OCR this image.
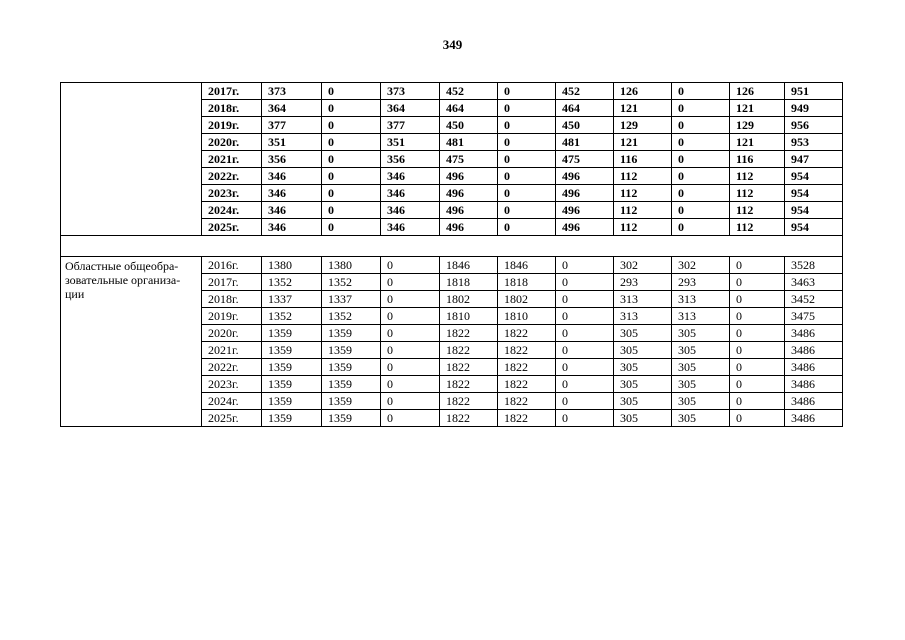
349
	2017г.	373	0	373	452	0	452	126	0	126	951
	2018г.	364	0	364	464	0	464	121	0	121	949
	2019г.	377	0	377	450	0	450	129	0	129	956
	2020г.	351	0	351	481	0	481	121	0	121	953
	2021г.	356	0	356	475	0	475	116	0	116	947
	2022г.	346	0	346	496	0	496	112	0	112	954
	2023г.	346	0	346	496	0	496	112	0	112	954
	2024г.	346	0	346	496	0	496	112	0	112	954
	2025г.	346	0	346	496	0	496	112	0	112	954

Областные общеобра-зовательные организа-ции	2016г.	1380	1380	0	1846	1846	0	302	302	0	3528
	2017г.	1352	1352	0	1818	1818	0	293	293	0	3463
	2018г.	1337	1337	0	1802	1802	0	313	313	0	3452
	2019г.	1352	1352	0	1810	1810	0	313	313	0	3475
	2020г.	1359	1359	0	1822	1822	0	305	305	0	3486
	2021г.	1359	1359	0	1822	1822	0	305	305	0	3486
	2022г.	1359	1359	0	1822	1822	0	305	305	0	3486
	2023г.	1359	1359	0	1822	1822	0	305	305	0	3486
	2024г.	1359	1359	0	1822	1822	0	305	305	0	3486
	2025г.	1359	1359	0	1822	1822	0	305	305	0	3486
